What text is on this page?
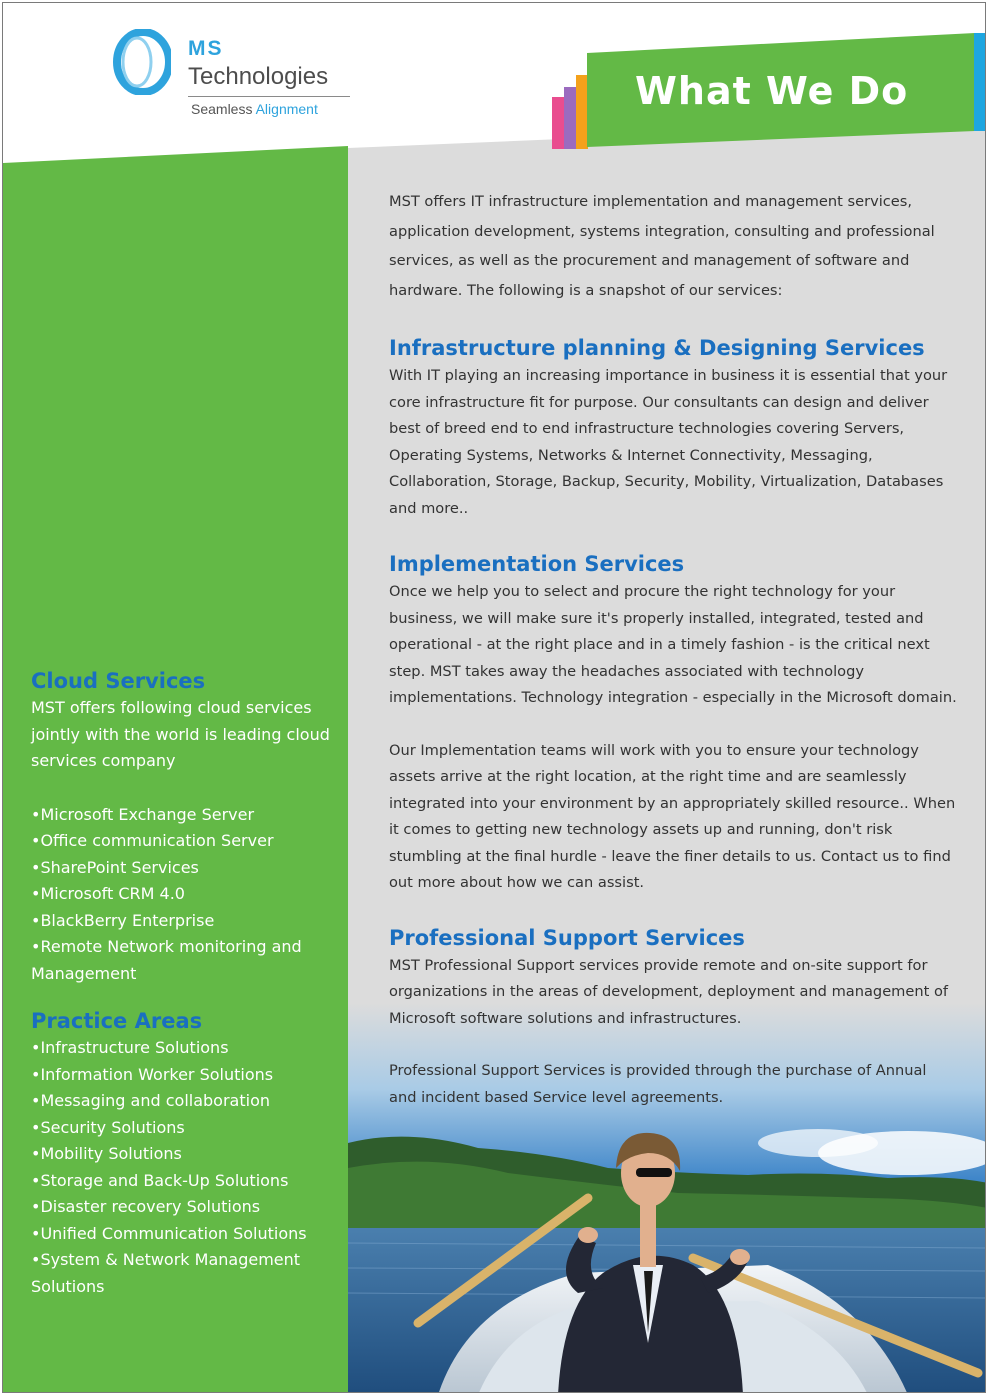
MS
Technologies
Seamless Alignment	What We Do
Cloud Services

MST offers following cloud services jointly with the world is leading cloud services company

• Microsoft Exchange Server
• Office communication Server
• SharePoint Services
• Microsoft CRM 4.0
• BlackBerry Enterprise
• Remote Network monitoring and Management
Practice Areas
• Infrastructure Solutions
• Information Worker Solutions
• Messaging and collaboration
• Security Solutions
• Mobility Solutions
• Storage and Back-Up Solutions
• Disaster recovery Solutions
• Unified Communication Solutions
• System & Network Management Solutions

MST offers IT infrastructure implementation and management services, application development, systems integration, consulting and professional services, as well as the procurement and management of software and hardware. The following is a snapshot of our services:

Infrastructure planning & Designing Services

With IT playing an increasing importance in business it is essential that your core infrastructure fit for purpose. Our consultants can design and deliver best of breed end to end infrastructure technologies covering Servers, Operating Systems, Networks & Internet Connectivity, Messaging, Collaboration, Storage, Backup, Security, Mobility, Virtualization, Databases and more..

Implementation Services

Once we help you to select and procure the right technology for your business, we will make sure it's properly installed, integrated, tested and operational - at the right place and in a timely fashion - is the critical next step. MST takes away the headaches associated with technology implementations. Technology integration - especially in the Microsoft domain.

Our Implementation teams will work with you to ensure your technology assets arrive at the right location, at the right time and are seamlessly integrated into your environment by an appropriately skilled resource.. When it comes to getting new technology assets up and running, don't risk stumbling at the final hurdle - leave the finer details to us. Contact us to find out more about how we can assist.

Professional Support Services

MST Professional Support services provide remote and on-site support for organizations in the areas of development, deployment and management of Microsoft software solutions and infrastructures.

Professional Support Services is provided through the purchase of Annual and incident based Service level agreements.
